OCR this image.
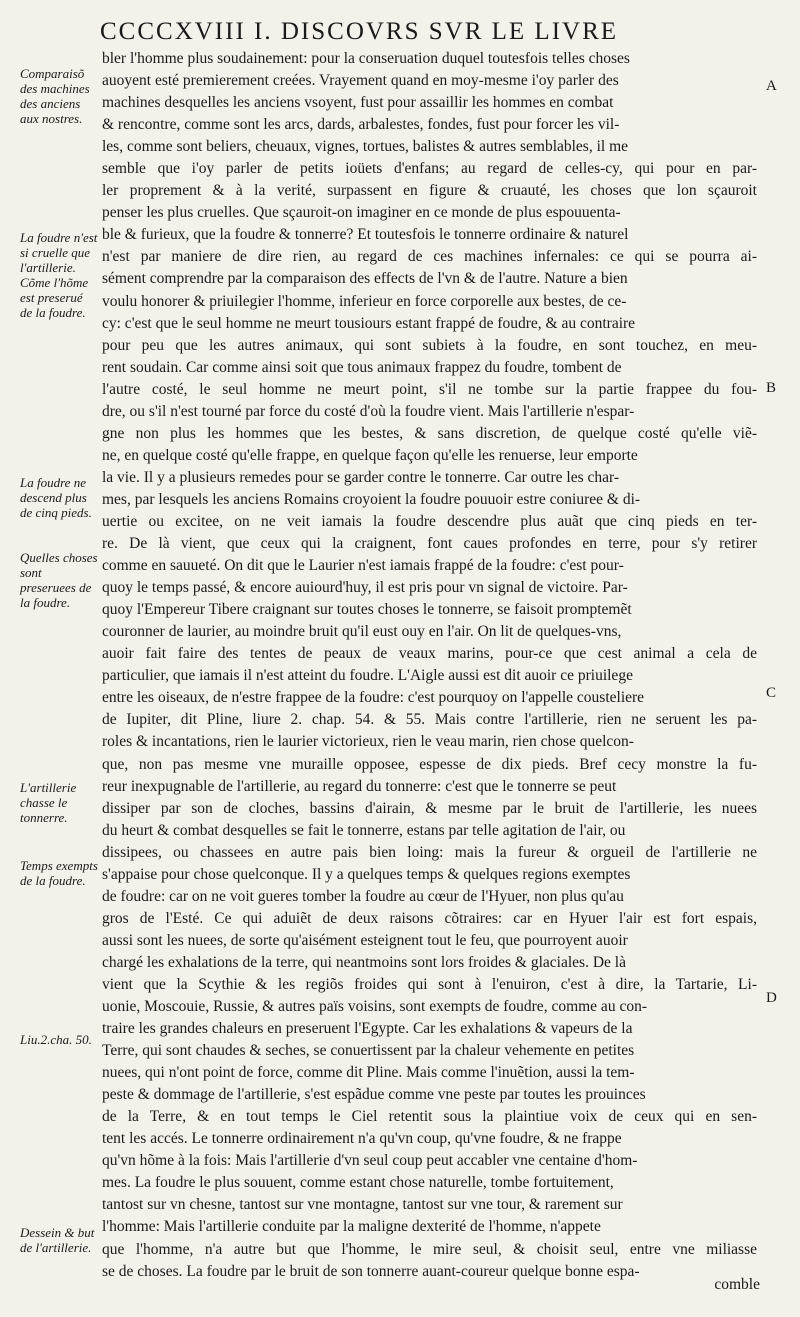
CCCCXVIII I. DISCOVRS SVR LE LIVRE
Comparaisõ des machines des anciens aux nostres.
La foudre n'est si cruelle que l'artillerie. Cõme l'hõme est preserué de la foudre.
La foudre ne descend plus de cinq pieds.
Quelles choses sont preseruees de la foudre.
L'artillerie chasse le tonnerre.
Temps exempts de la foudre.
Liu.2.cha. 50.
Dessein & but de l'artillerie.

bler l'homme plus soudainement: pour la conseruation duquel toutesfois telles choses

auoyent esté premierement creées. Vrayement quand en moy-mesme i'oy parler des

machines desquelles les anciens vsoyent, fust pour assaillir les hommes en combat

& rencontre, comme sont les arcs, dards, arbalestes, fondes, fust pour forcer les vil-

les, comme sont beliers, cheuaux, vignes, tortues, balistes & autres semblables, il me

semble que i'oy parler de petits ioüets d'enfans; au regard de celles-cy, qui pour en par-

ler proprement & à la verité, surpassent en figure & cruauté, les choses que lon sçauroit

penser les plus cruelles. Que sçauroit-on imaginer en ce monde de plus espouuenta-

ble & furieux, que la foudre & tonnerre? Et toutesfois le tonnerre ordinaire & naturel

n'est par maniere de dire rien, au regard de ces machines infernales: ce qui se pourra ai-

sément comprendre par la comparaison des effects de l'vn & de l'autre. Nature a bien

voulu honorer & priuilegier l'homme, inferieur en force corporelle aux bestes, de ce-

cy: c'est que le seul homme ne meurt tousiours estant frappé de foudre, & au contraire

pour peu que les autres animaux, qui sont subiets à la foudre, en sont touchez, en meu-

rent soudain. Car comme ainsi soit que tous animaux frappez du foudre, tombent de

l'autre costé, le seul homme ne meurt point, s'il ne tombe sur la partie frappee du fou-

dre, ou s'il n'est tourné par force du costé d'où la foudre vient. Mais l'artillerie n'espar-

gne non plus les hommes que les bestes, & sans discretion, de quelque costé qu'elle viẽ-

ne, en quelque costé qu'elle frappe, en quelque façon qu'elle les renuerse, leur emporte

la vie. Il y a plusieurs remedes pour se garder contre le tonnerre. Car outre les char-

mes, par lesquels les anciens Romains croyoient la foudre pouuoir estre coniuree & di-

uertie ou excitee, on ne veit iamais la foudre descendre plus auãt que cinq pieds en ter-

re. De là vient, que ceux qui la craignent, font caues profondes en terre, pour s'y retirer

comme en sauueté. On dit que le Laurier n'est iamais frappé de la foudre: c'est pour-

quoy le temps passé, & encore auiourd'huy, il est pris pour vn signal de victoire. Par-

quoy l'Empereur Tibere craignant sur toutes choses le tonnerre, se faisoit promptemẽt

couronner de laurier, au moindre bruit qu'il eust ouy en l'air. On lit de quelques-vns,

auoir fait faire des tentes de peaux de veaux marins, pour-ce que cest animal a cela de

particulier, que iamais il n'est atteint du foudre. L'Aigle aussi est dit auoir ce priuilege

entre les oiseaux, de n'estre frappee de la foudre: c'est pourquoy on l'appelle cousteliere

de Iupiter, dit Pline, liure 2. chap. 54. & 55. Mais contre l'artillerie, rien ne seruent les pa-

roles & incantations, rien le laurier victorieux, rien le veau marin, rien chose quelcon-

que, non pas mesme vne muraille opposee, espesse de dix pieds. Bref cecy monstre la fu-

reur inexpugnable de l'artillerie, au regard du tonnerre: c'est que le tonnerre se peut

dissiper par son de cloches, bassins d'airain, & mesme par le bruit de l'artillerie, les nuees

du heurt & combat desquelles se fait le tonnerre, estans par telle agitation de l'air, ou

dissipees, ou chassees en autre pais bien loing: mais la fureur & orgueil de l'artillerie ne

s'appaise pour chose quelconque. Il y a quelques temps & quelques regions exemptes

de foudre: car on ne voit gueres tomber la foudre au cœur de l'Hyuer, non plus qu'au

gros de l'Esté. Ce qui aduiẽt de deux raisons cõtraires: car en Hyuer l'air est fort espais,

aussi sont les nuees, de sorte qu'aisément esteignent tout le feu, que pourroyent auoir

chargé les exhalations de la terre, qui neantmoins sont lors froides & glaciales. De là

vient que la Scythie & les regiõs froides qui sont à l'enuiron, c'est à dire, la Tartarie, Li-

uonie, Moscouie, Russie, & autres païs voisins, sont exempts de foudre, comme au con-

traire les grandes chaleurs en preseruent l'Egypte. Car les exhalations & vapeurs de la

Terre, qui sont chaudes & seches, se conuertissent par la chaleur vehemente en petites

nuees, qui n'ont point de force, comme dit Pline. Mais comme l'inuẽtion, aussi la tem-

peste & dommage de l'artillerie, s'est espãdue comme vne peste par toutes les prouinces

de la Terre, & en tout temps le Ciel retentit sous la plaintiue voix de ceux qui en sen-

tent les accés. Le tonnerre ordinairement n'a qu'vn coup, qu'vne foudre, & ne frappe

qu'vn hõme à la fois: Mais l'artillerie d'vn seul coup peut accabler vne centaine d'hom-

mes. La foudre le plus souuent, comme estant chose naturelle, tombe fortuitement,

tantost sur vn chesne, tantost sur vne montagne, tantost sur vne tour, & rarement sur

l'homme: Mais l'artillerie conduite par la maligne dexterité de l'homme, n'appete

que l'homme, n'a autre but que l'homme, le mire seul, & choisit seul, entre vne miliasse

se de choses. La foudre par le bruit de son tonnerre auant-coureur quelque bonne espa-

A
B
C
D
comble
